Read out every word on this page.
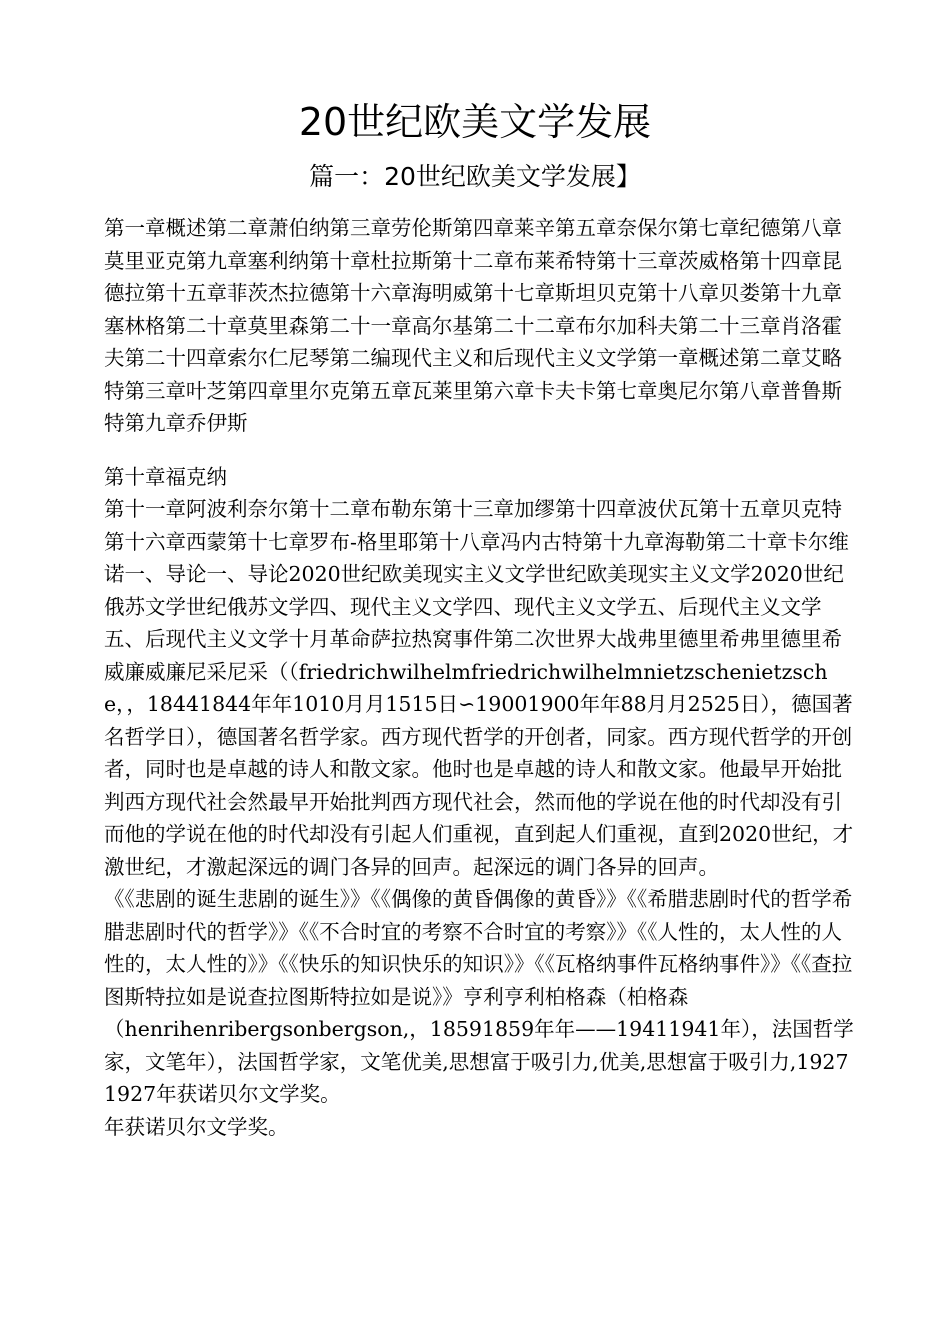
20世纪欧美文学发展
篇一：20世纪欧美文学发展】

第一章概述第二章萧伯纳第三章劳伦斯第四章莱辛第五章奈保尔第七章纪德第八章莫里亚克第九章塞利纳第十章杜拉斯第十二章布莱希特第十三章茨威格第十四章昆德拉第十五章菲茨杰拉德第十六章海明威第十七章斯坦贝克第十八章贝娄第十九章塞林格第二十章莫里森第二十一章高尔基第二十二章布尔加科夫第二十三章肖洛霍夫第二十四章索尔仁尼琴第二编现代主义和后现代主义文学第一章概述第二章艾略特第三章叶芝第四章里尔克第五章瓦莱里第六章卡夫卡第七章奥尼尔第八章普鲁斯特第九章乔伊斯

第十章福克纳

第十一章阿波利奈尔第十二章布勒东第十三章加缪第十四章波伏瓦第十五章贝克特第十六章西蒙第十七章罗布-格里耶第十八章冯内古特第十九章海勒第二十章卡尔维诺一、导论一、导论2020世纪欧美现实主义文学世纪欧美现实主义文学2020世纪俄苏文学世纪俄苏文学四、现代主义文学四、现代主义文学五、后现代主义文学五、后现代主义文学十月革命萨拉热窝事件第二次世界大战弗里德里希弗里德里希威廉威廉尼采尼采（（friedrichwilhelmfriedrichwilhelmnietzschenietzsche，，18441844年年1010月月1515日∽19001900年年88月月2525日），德国著名哲学日），德国著名哲学家。西方现代哲学的开创者，同家。西方现代哲学的开创者，同时也是卓越的诗人和散文家。他时也是卓越的诗人和散文家。他最早开始批判西方现代社会然最早开始批判西方现代社会，然而他的学说在他的时代却没有引而他的学说在他的时代却没有引起人们重视，直到起人们重视，直到2020世纪，才激世纪，才激起深远的调门各异的回声。起深远的调门各异的回声。

《《悲剧的诞生悲剧的诞生》》《《偶像的黄昏偶像的黄昏》》《《希腊悲剧时代的哲学希腊悲剧时代的哲学》》《《不合时宜的考察不合时宜的考察》》《《人性的，太人性的人性的，太人性的》》《《快乐的知识快乐的知识》》《《瓦格纳事件瓦格纳事件》》《《查拉图斯特拉如是说查拉图斯特拉如是说》》亨利亨利柏格森（柏格森

（henrihenribergsonbergson,，18591859年年——19411941年），法国哲学家，文笔年），法国哲学家，文笔优美,思想富于吸引力,优美,思想富于吸引力,19271927年获诺贝尔文学奖。

年获诺贝尔文学奖。
